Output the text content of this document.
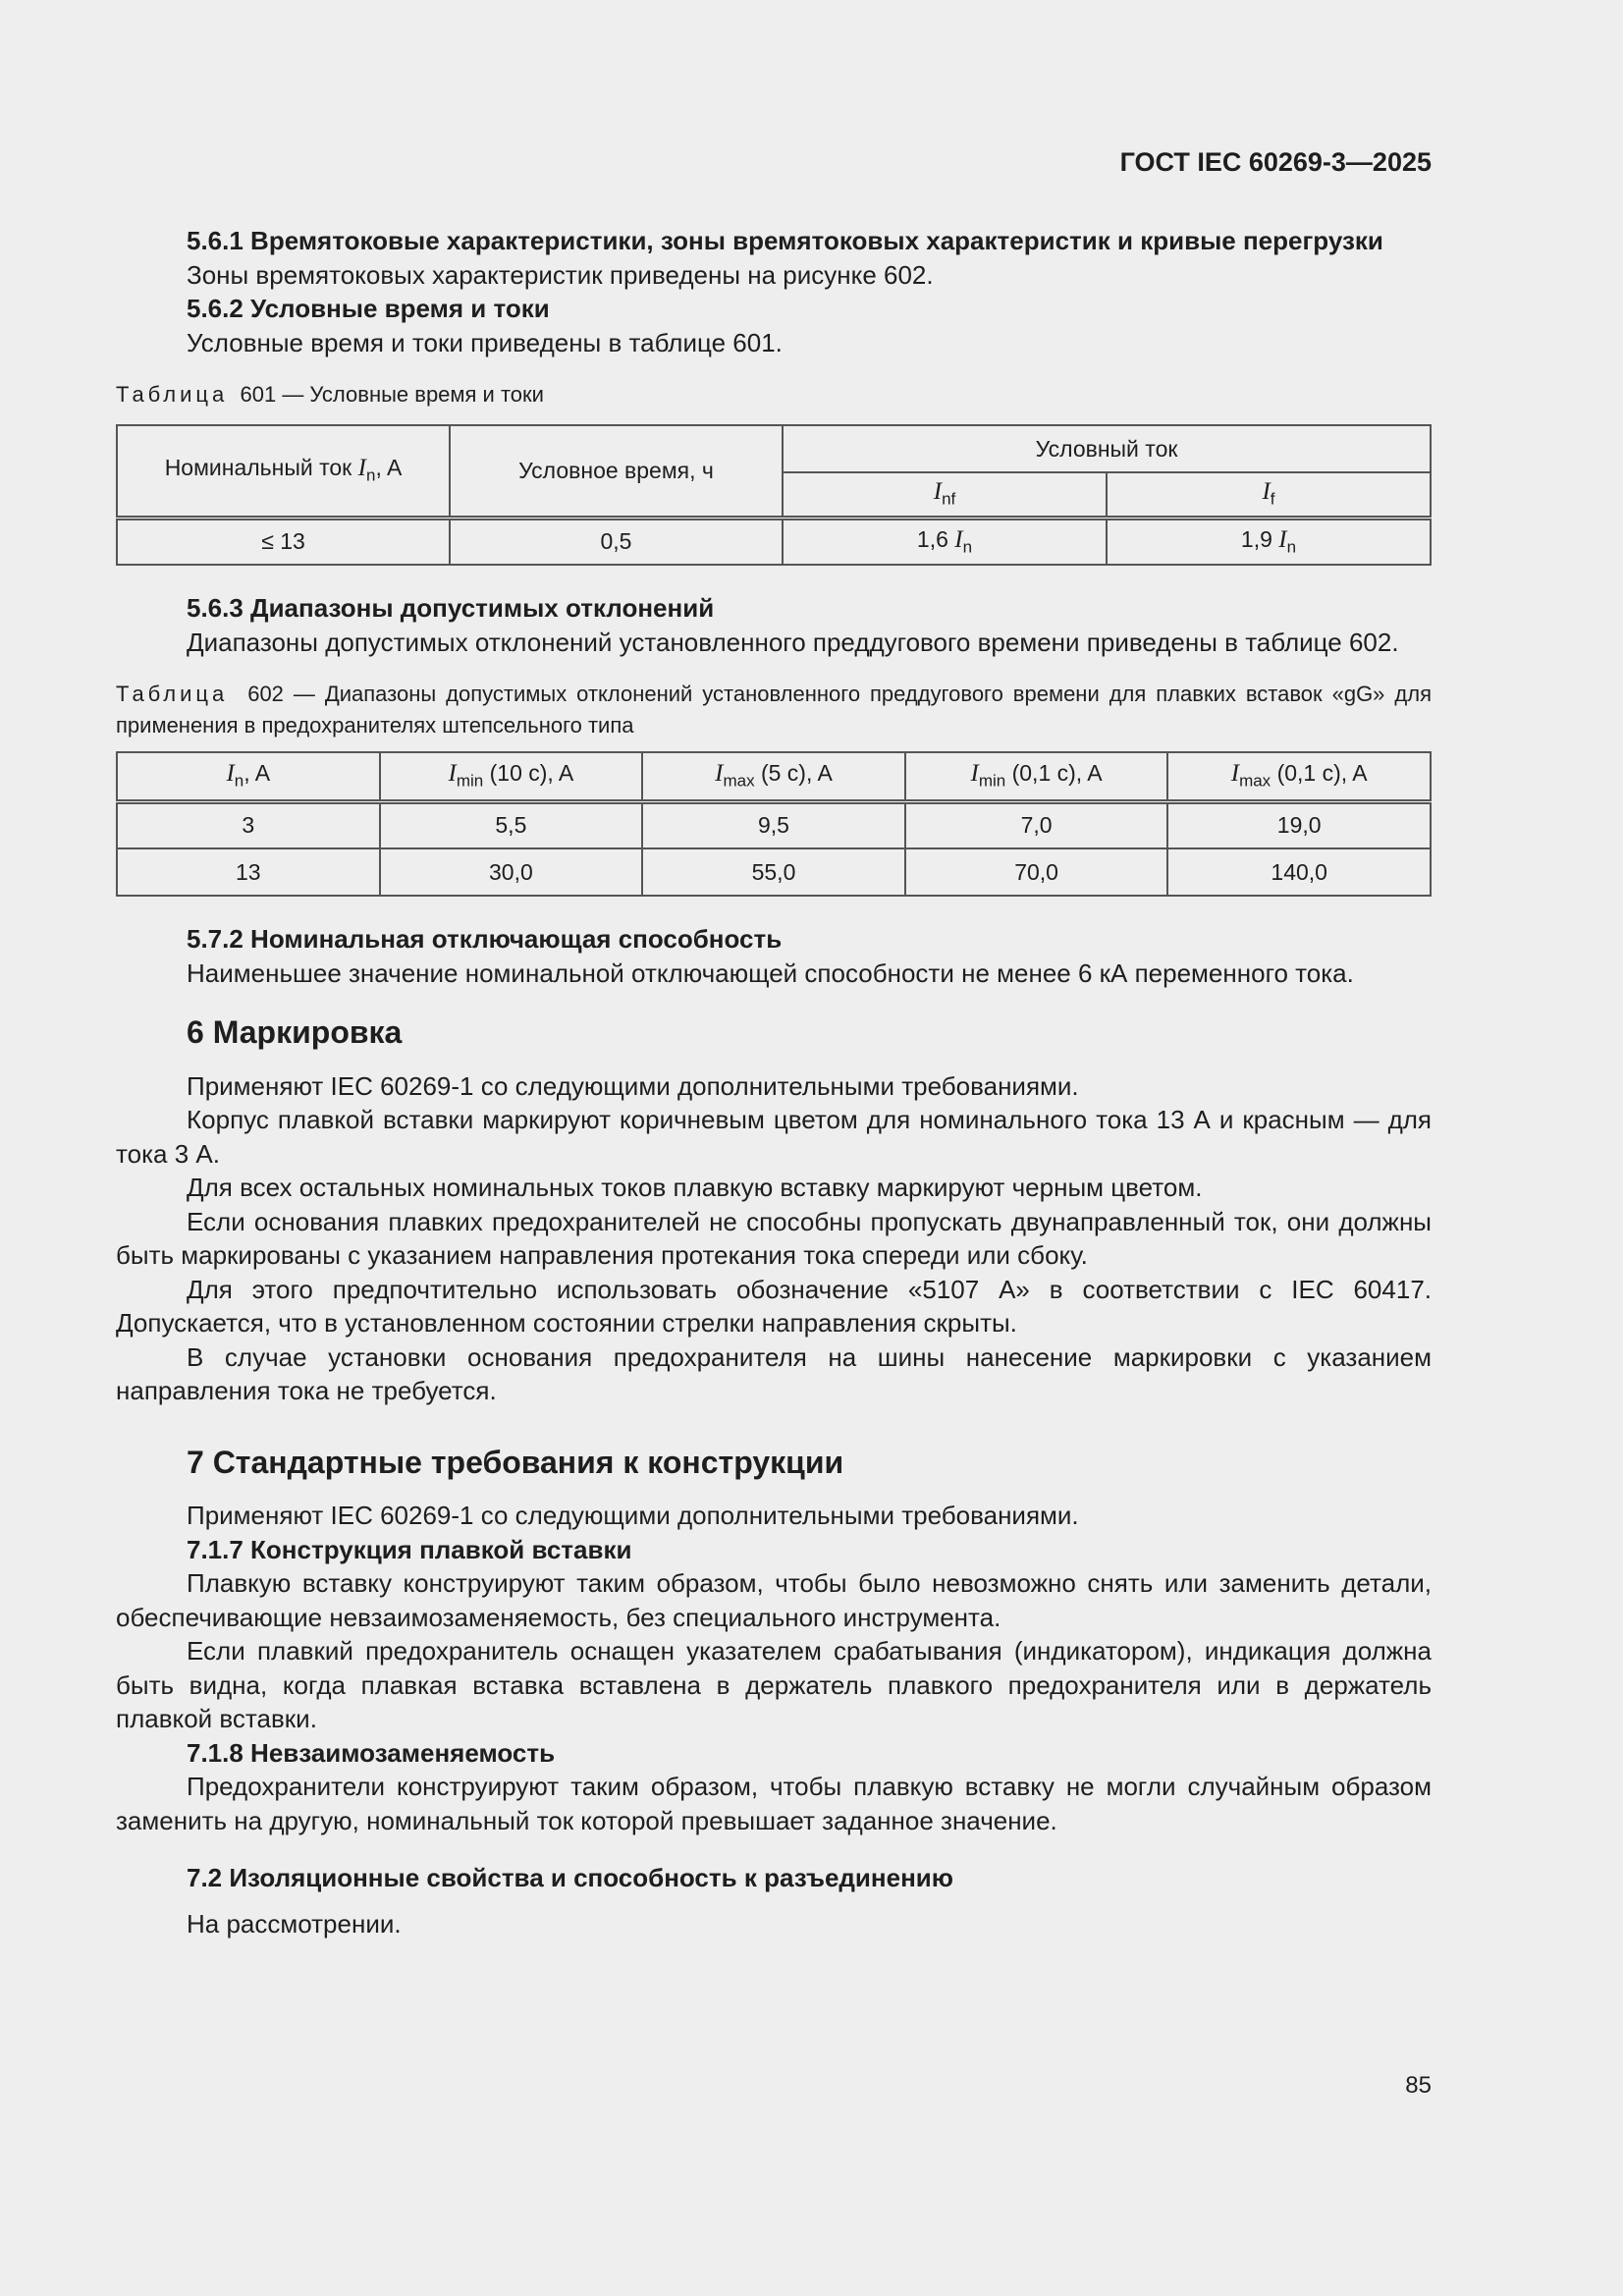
ГОСТ IEC 60269-3—2025

5.6.1 Времятоковые характеристики, зоны времятоковых характеристик и кривые перегрузки

Зоны времятоковых характеристик приведены на рисунке 602.

5.6.2 Условные время и токи

Условные время и токи приведены в таблице 601.

Таблица 601 — Условные время и токи

Номинальный ток $I_n$, A	Условное время, ч	Условный ток	
		$I_{nf}$	$I_f$
≤ 13	0,5	1,6 $I_n$	1,9 $I_n$

5.6.3 Диапазоны допустимых отклонений

Диапазоны допустимых отклонений установленного преддугового времени приведены в таблице 602.

Таблица 602 — Диапазоны допустимых отклонений установленного преддугового времени для плавких вставок «gG» для применения в предохранителях штепсельного типа

$I_n$, A	$I_{min}$ (10 с), A	$I_{max}$ (5 с), A	$I_{min}$ (0,1 с), A	$I_{max}$ (0,1 с), A
3	5,5	9,5	7,0	19,0
13	30,0	55,0	70,0	140,0

5.7.2 Номинальная отключающая способность

Наименьшее значение номинальной отключающей способности не менее 6 кА переменного тока.

6 Маркировка

Применяют IEC 60269-1 со следующими дополнительными требованиями.

Корпус плавкой вставки маркируют коричневым цветом для номинального тока 13 А и красным — для тока 3 А.

Для всех остальных номинальных токов плавкую вставку маркируют черным цветом.

Если основания плавких предохранителей не способны пропускать двунаправленный ток, они должны быть маркированы с указанием направления протекания тока спереди или сбоку.

Для этого предпочтительно использовать обозначение «5107 А» в соответствии с IEC 60417. Допускается, что в установленном состоянии стрелки направления скрыты.

В случае установки основания предохранителя на шины нанесение маркировки с указанием направления тока не требуется.

7 Стандартные требования к конструкции

Применяют IEC 60269-1 со следующими дополнительными требованиями.

7.1.7 Конструкция плавкой вставки

Плавкую вставку конструируют таким образом, чтобы было невозможно снять или заменить детали, обеспечивающие невзаимозаменяемость, без специального инструмента.

Если плавкий предохранитель оснащен указателем срабатывания (индикатором), индикация должна быть видна, когда плавкая вставка вставлена в держатель плавкого предохранителя или в держатель плавкой вставки.

7.1.8 Невзаимозаменяемость

Предохранители конструируют таким образом, чтобы плавкую вставку не могли случайным образом заменить на другую, номинальный ток которой превышает заданное значение.

7.2 Изоляционные свойства и способность к разъединению

На рассмотрении.

85
